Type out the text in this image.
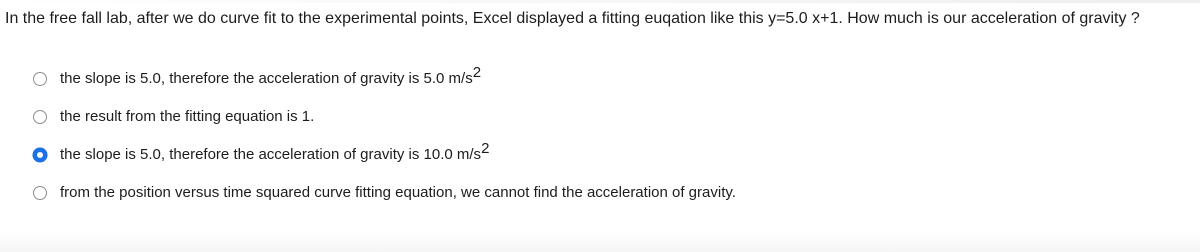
In the free fall lab, after we do curve fit to the experimental points, Excel displayed a fitting euqation like this y=5.0 x+1. How much is our acceleration of gravity ?
the slope is 5.0, therefore the acceleration of gravity is 5.0 m/s2
the result from the fitting equation is 1.
the slope is 5.0, therefore the acceleration of gravity is 10.0 m/s2
from the position versus time squared curve fitting equation, we cannot find the acceleration of gravity.
